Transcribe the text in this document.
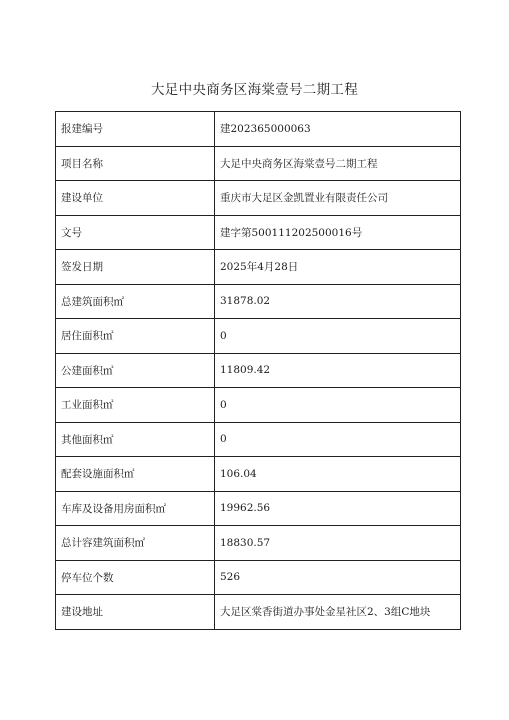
大足中央商务区海棠壹号二期工程
报建编号	建202365000063
项目名称	大足中央商务区海棠壹号二期工程
建设单位	重庆市大足区金凯置业有限责任公司
文号	建字第500111202500016号
签发日期	2025年4月28日
总建筑面积㎡	31878.02
居住面积㎡	0
公建面积㎡	11809.42
工业面积㎡	0
其他面积㎡	0
配套设施面积㎡	106.04
车库及设备用房面积㎡	19962.56
总计容建筑面积㎡	18830.57
停车位个数	526
建设地址	大足区棠香街道办事处金星社区2、3组C地块
